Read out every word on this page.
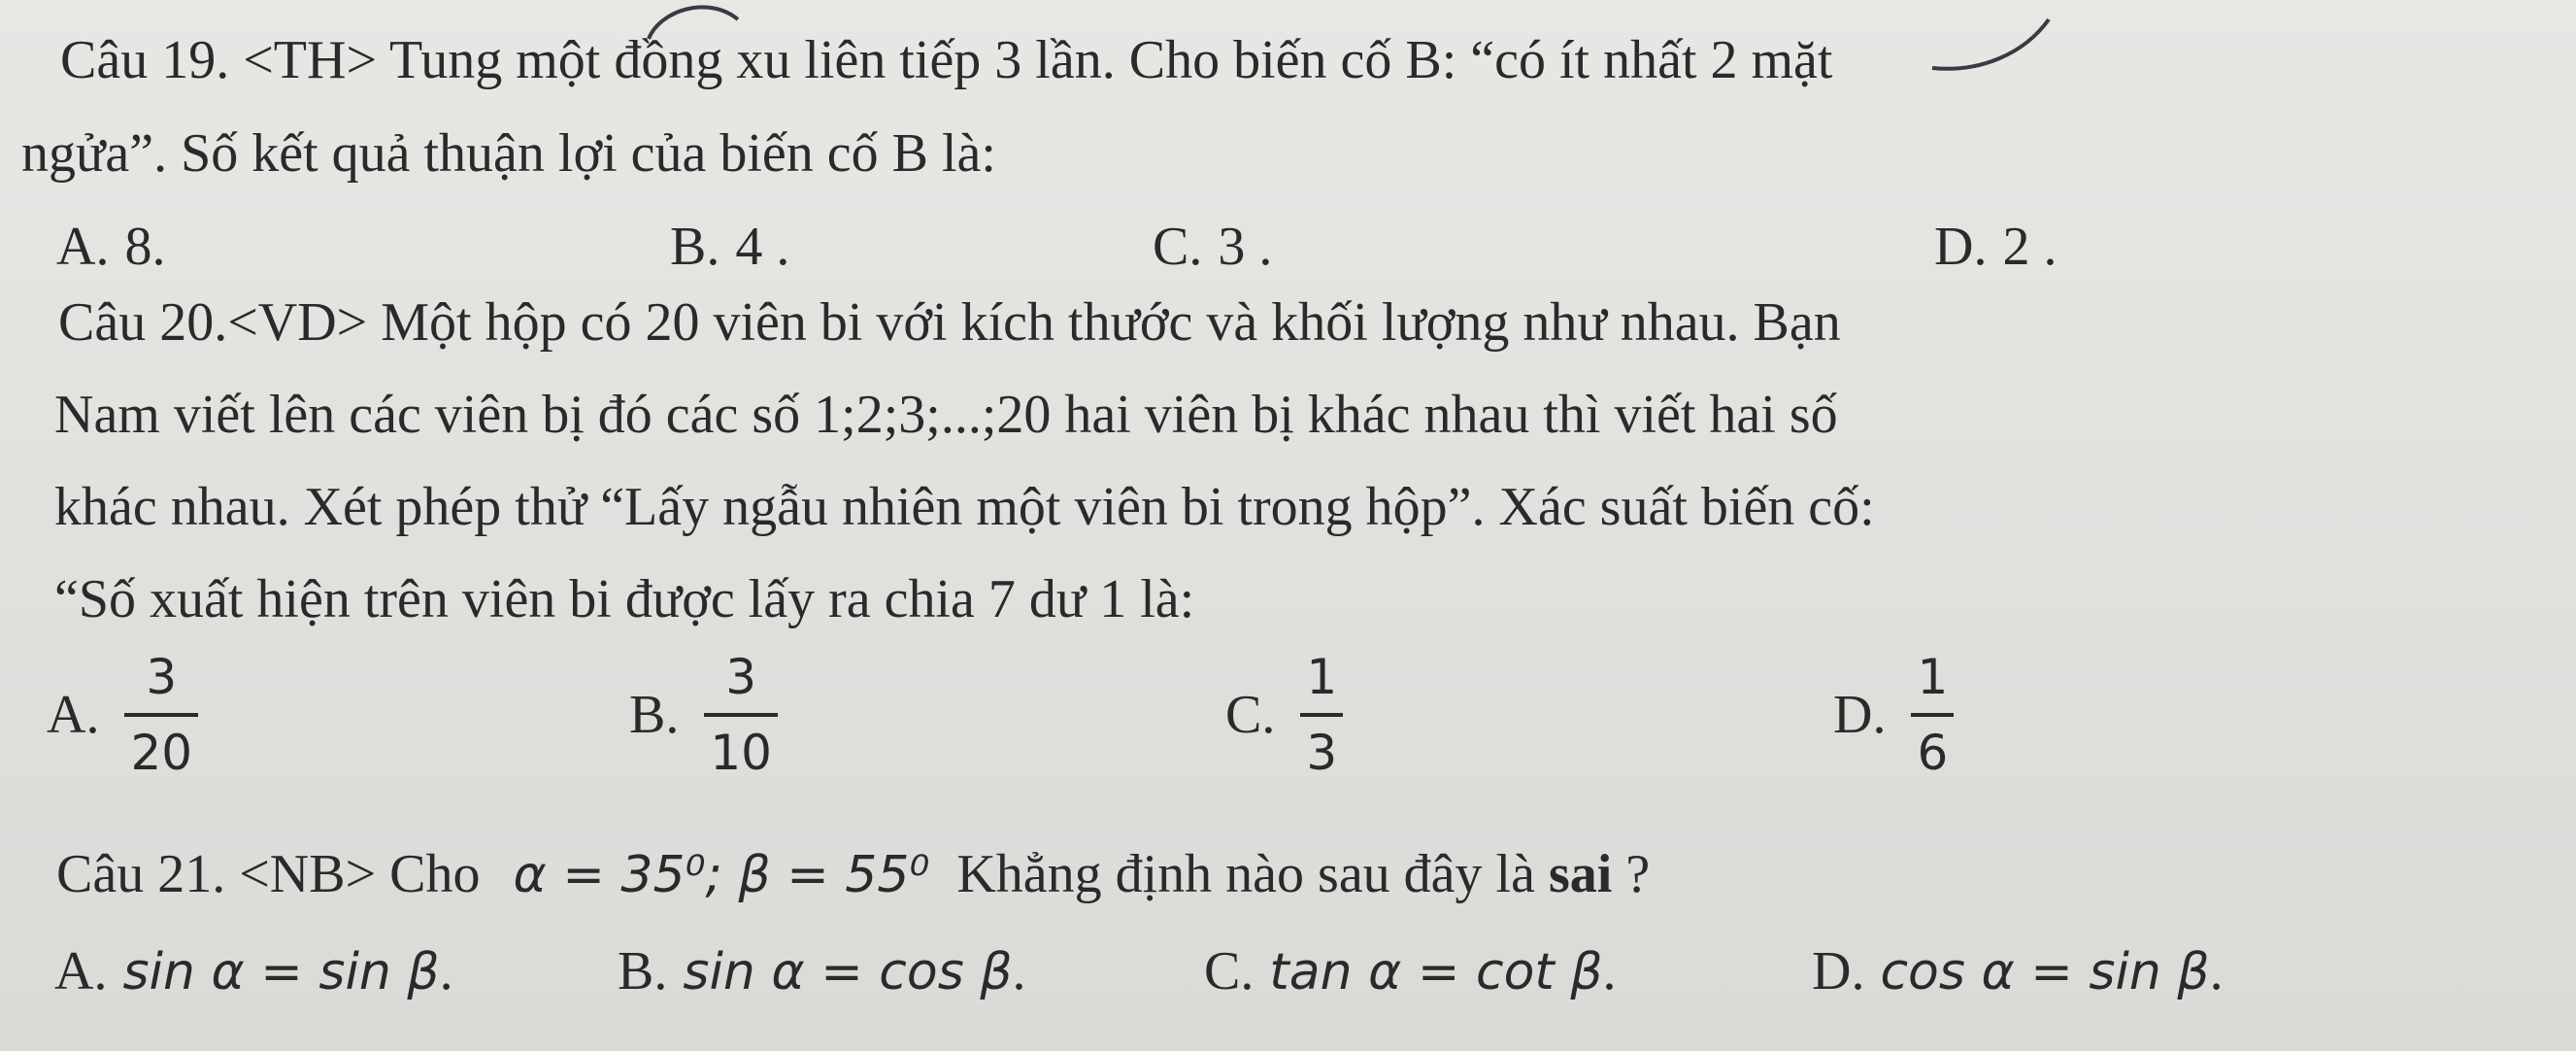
Câu 19. <TH> Tung một đồng xu liên tiếp 3 lần. Cho biến cố B: “có ít nhất 2 mặt
ngửa”. Số kết quả thuận lợi của biến cố B là:
A. 8.	B. 4 .	C. 3 .	D. 2 .
Câu 20.<VD> Một hộp có 20 viên bi với kích thước và khối lượng như nhau. Bạn
Nam viết lên các viên bị đó các số 1;2;3;...;20 hai viên bị khác nhau thì viết hai số
khác nhau. Xét phép thử “Lấy ngẫu nhiên một viên bi trong hộp”. Xác suất biến cố:
“Số xuất hiện trên viên bi được lấy ra chia 7 dư 1 là:
A. $\frac{3}{20}$	B. $\frac{3}{10}$	C. $\frac{1}{3}$	D. $\frac{1}{6}$
Câu 21. <NB> Cho α = 35⁰; β = 55⁰ Khẳng định nào sau đây là sai ?
A. sin α = sin β.	B. sin α = cos β.	C. tan α = cot β.	D. cos α = sin β.
